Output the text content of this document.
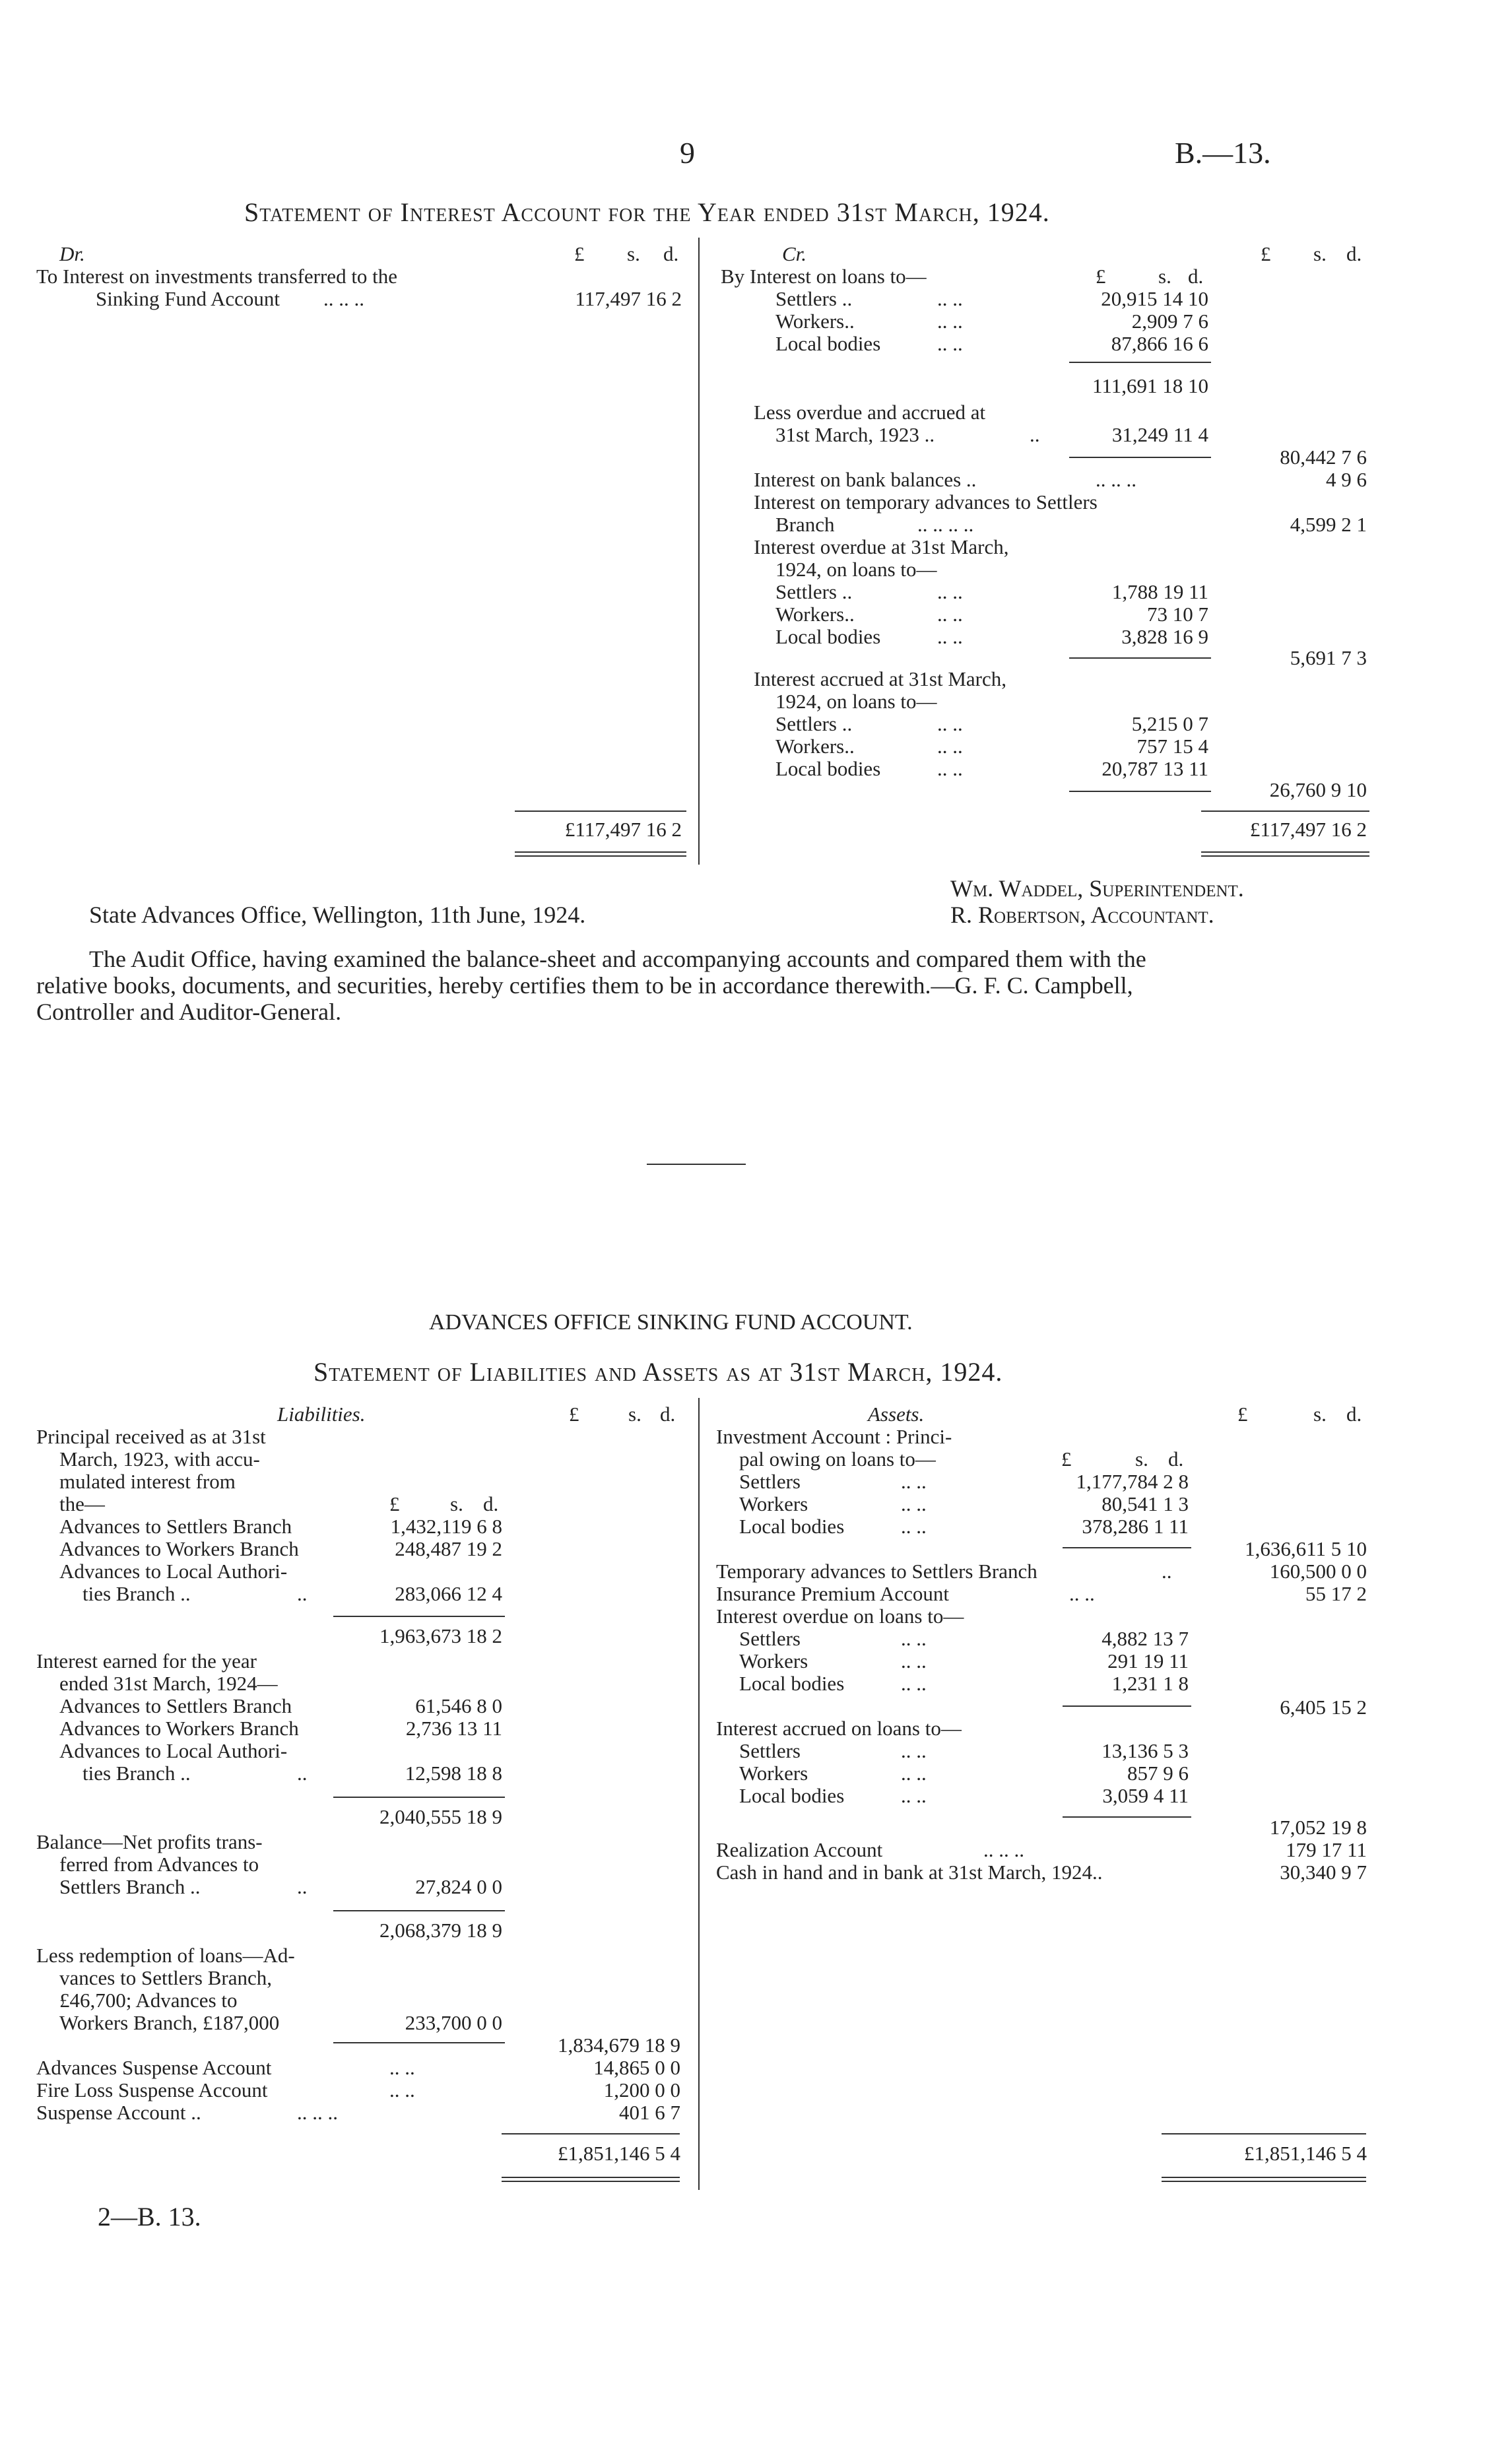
9	B.—13.
Statement of Interest Account for the Year ended 31st March, 1924.
Dr.	£ s. d.
To Interest on investments transferred to the
Sinking Fund Account .. .. ..	117,497 16 2
£117,497 16 2
Cr.	£ s. d.
By Interest on loans to—	£	s. d.
Settlers ..	.. ..	20,915 14 10
Workers..	.. ..	2,909 7 6
Local bodies	.. ..	87,866 16 6
111,691 18 10
Less overdue and accrued at
31st March, 1923 ..	..	31,249 11 4
80,442 7 6
Interest on bank balances ..	.. .. ..	4 9 6
Interest on temporary advances to Settlers
Branch	.. .. .. ..	4,599 2 1
Interest overdue at 31st March,
1924, on loans to—
Settlers ..	.. ..	1,788 19 11
Workers..	.. ..	73 10 7
Local bodies	.. ..	3,828 16 9
5,691 7 3
Interest accrued at 31st March,
1924, on loans to—
Settlers ..	.. ..	5,215 0 7
Workers..	.. ..	757 15 4
Local bodies	.. ..	20,787 13 11
26,760 9 10
£117,497 16 2
Wm. Waddel, Superintendent.
State Advances Office, Wellington, 11th June, 1924.	R. Robertson, Accountant.
The Audit Office, having examined the balance-sheet and accompanying accounts and compared them with the
relative books, documents, and securities, hereby certifies them to be in accordance therewith.—G. F. C. Campbell,
Controller and Auditor-General.
ADVANCES OFFICE SINKING FUND ACCOUNT.
Statement of Liabilities and Assets as at 31st March, 1924.
Liabilities.	£ s. d.
Principal received as at 31st
March, 1923, with accu-
mulated interest from
the—	£ s. d.
Advances to Settlers Branch	1,432,119 6 8
Advances to Workers Branch	248,487 19 2
Advances to Local Authori-
ties Branch ..	..	283,066 12 4
1,963,673 18 2
Interest earned for the year
ended 31st March, 1924—
Advances to Settlers Branch	61,546 8 0
Advances to Workers Branch	2,736 13 11
Advances to Local Authori-
ties Branch ..	..	12,598 18 8
2,040,555 18 9
Balance—Net profits trans-
ferred from Advances to
Settlers Branch ..	..	27,824 0 0
2,068,379 18 9
Less redemption of loans—Ad-
vances to Settlers Branch,
£46,700; Advances to
Workers Branch, £187,000	233,700 0 0
1,834,679 18 9
Advances Suspense Account	.. ..	14,865 0 0
Fire Loss Suspense Account	.. ..	1,200 0 0
Suspense Account ..	.. .. ..	401 6 7
£1,851,146 5 4
Assets.	£	s. d.
Investment Account : Princi-
pal owing on loans to—	£	s. d.
Settlers	.. ..	1,177,784 2 8
Workers	.. ..	80,541 1 3
Local bodies	.. ..	378,286 1 11
1,636,611 5 10
Temporary advances to Settlers Branch	..	160,500 0 0
Insurance Premium Account	.. ..	55 17 2
Interest overdue on loans to—
Settlers	.. ..	4,882 13 7
Workers	.. ..	291 19 11
Local bodies	.. ..	1,231 1 8
6,405 15 2
Interest accrued on loans to—
Settlers	.. ..	13,136 5 3
Workers	.. ..	857 9 6
Local bodies	.. ..	3,059 4 11
17,052 19 8
Realization Account	.. .. ..	179 17 11
Cash in hand and in bank at 31st March, 1924..	30,340 9 7
£1,851,146 5 4
2—B. 13.
